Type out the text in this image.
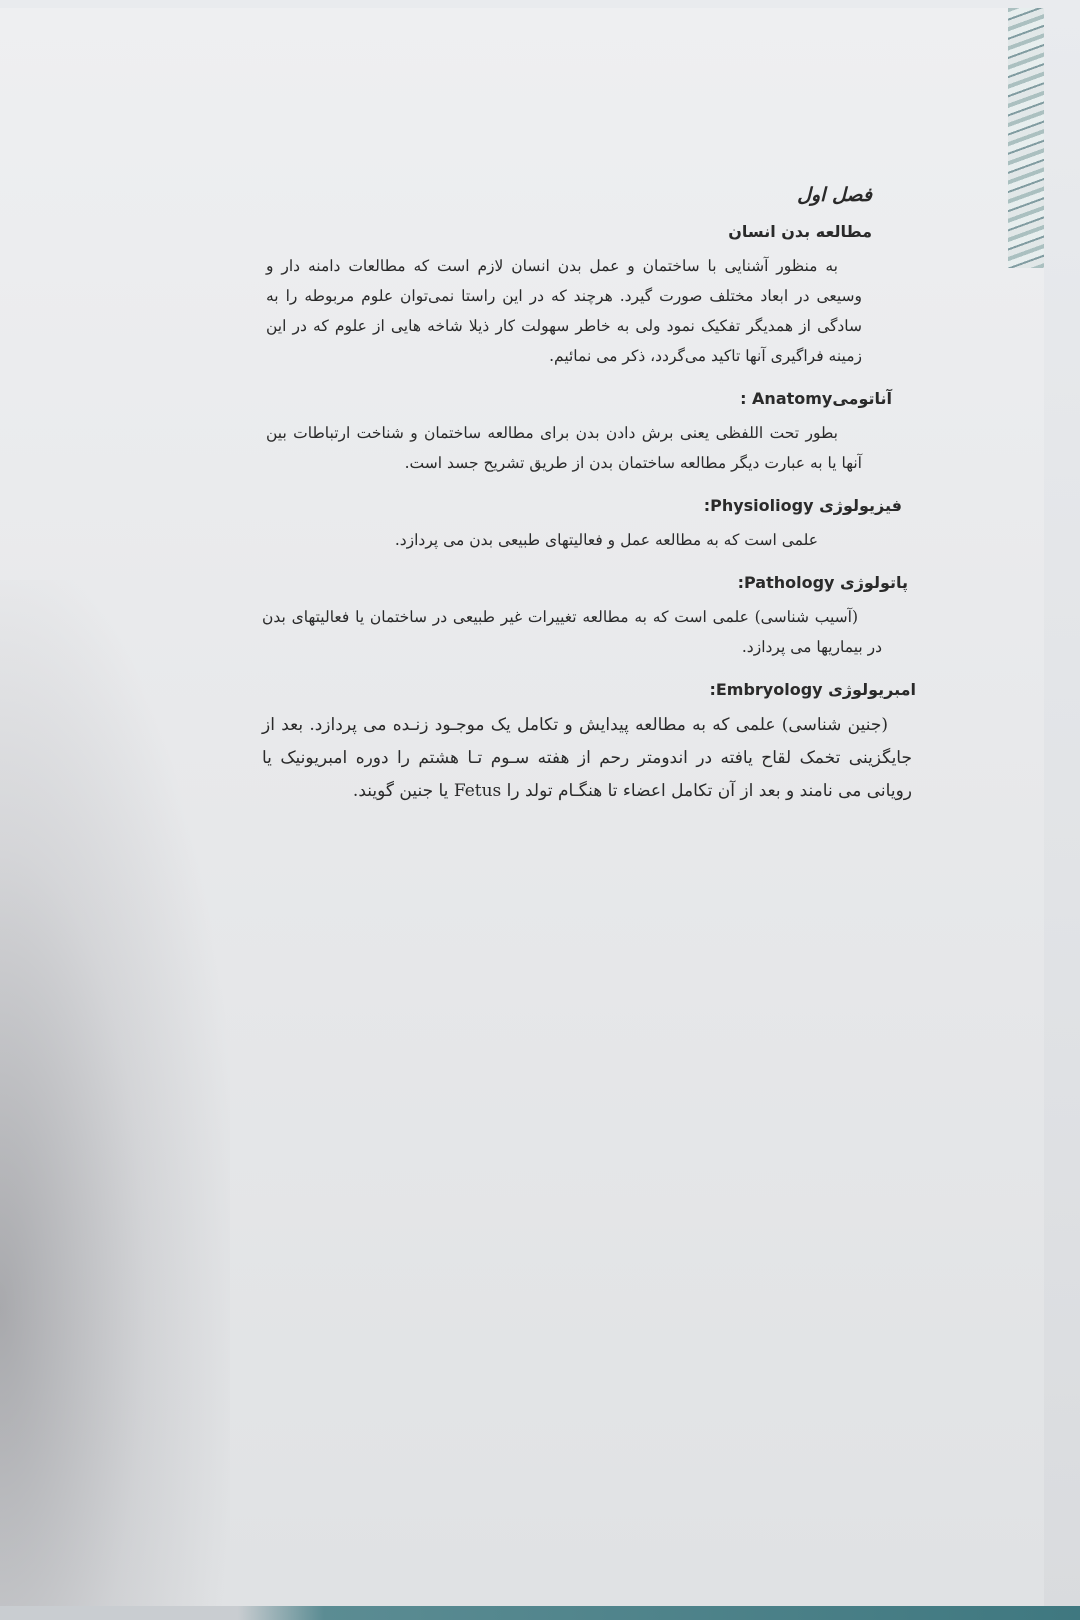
فصل اول
مطالعه بدن انسان

به منظور آشنایی با ساختمان و عمل بدن انسان لازم است که مطالعات دامنه دار و وسیعی در ابعاد مختلف صورت گیرد. هرچند که در این راستا نمی‌توان علوم مربوطه را به سادگی از همدیگر تفکیک نمود ولی به خاطر سهولت کار ذیلا شاخه هایی از علوم که در این زمینه فراگیری آنها تاکید می‌گردد، ذکر می نمائیم.

آناتومیAnatomy :

بطور تحت اللفظی یعنی برش دادن بدن برای مطالعه ساختمان و شناخت ارتباطات بین آنها یا به عبارت دیگر مطالعه ساختمان بدن از طریق تشریح جسد است.

فیزیولوژی Physioliogy:

علمی است که به مطالعه عمل و فعالیتهای طبیعی بدن می پردازد.

پاتولوژی Pathology:

(آسیب شناسی) علمی است که به مطالعه تغییرات غیر طبیعی در ساختمان یا فعالیتهای بدن در بیماریها می پردازد.

امبریولوژی Embryology:

(جنین شناسی) علمی که به مطالعه پیدایش و تکامل یک موجـود زنـده می پردازد. بعد از جایگزینی تخمک لقاح یافته در اندومتر رحم از هفته سـوم تـا هشتم را دوره امبریونیک یا رویانی می نامند و بعد از آن تکامل اعضاء تا هنگـام تولد را Fetus یا جنین گویند.
